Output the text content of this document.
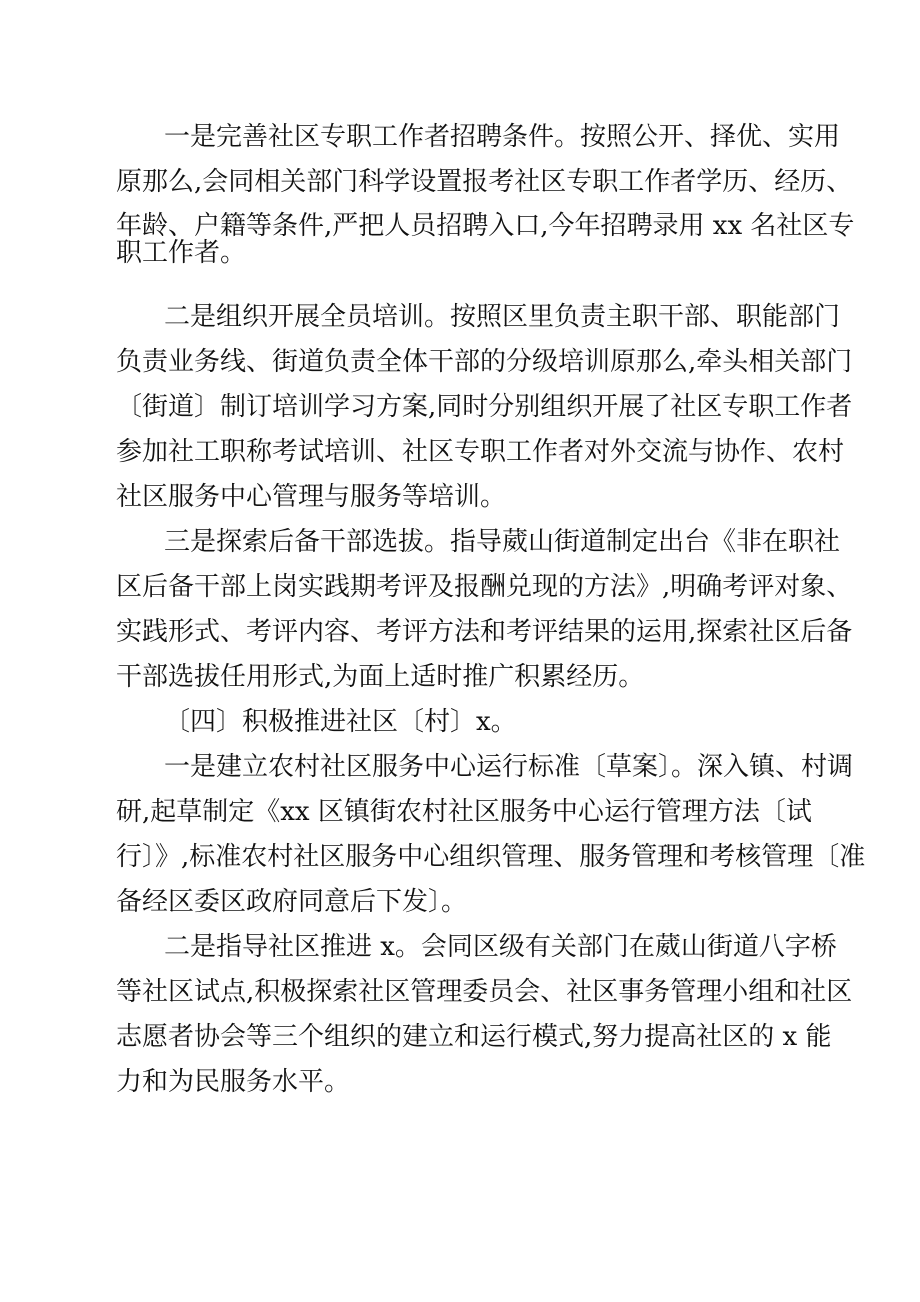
一是完善社区专职工作者招聘条件。按照公开、择优、实用

原那么,会同相关部门科学设置报考社区专职工作者学历、经历、

年龄、户籍等条件,严把人员招聘入口,今年招聘录用 xx 名社区专

职工作者。

二是组织开展全员培训。按照区里负责主职干部、职能部门

负责业务线、街道负责全体干部的分级培训原那么,牵头相关部门

〔街道〕制订培训学习方案,同时分别组织开展了社区专职工作者

参加社工职称考试培训、社区专职工作者对外交流与协作、农村

社区服务中心管理与服务等培训。

三是探索后备干部选拔。指导葳山街道制定出台《非在职社

区后备干部上岗实践期考评及报酬兑现的方法》,明确考评对象、

实践形式、考评内容、考评方法和考评结果的运用,探索社区后备

干部选拔任用形式,为面上适时推广积累经历。

〔四〕积极推进社区〔村〕x。

一是建立农村社区服务中心运行标准〔草案〕。深入镇、村调

研,起草制定《xx 区镇街农村社区服务中心运行管理方法〔试

行〕》,标准农村社区服务中心组织管理、服务管理和考核管理〔准

备经区委区政府同意后下发〕。

二是指导社区推进 x。会同区级有关部门在葳山街道八字桥

等社区试点,积极探索社区管理委员会、社区事务管理小组和社区

志愿者协会等三个组织的建立和运行模式,努力提高社区的 x 能

力和为民服务水平。
